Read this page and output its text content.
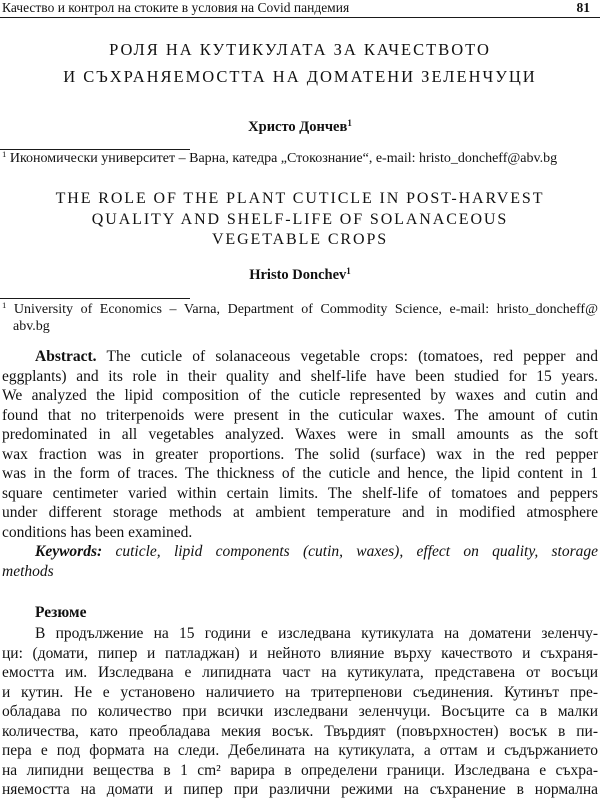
Качество и контрол на стоките в условия на Covid пандемия	81
РОЛЯ НА КУТИКУЛАТА ЗА КАЧЕСТВОТО
И СЪХРАНЯЕМОСТТА НА ДОМАТЕНИ ЗЕЛЕНЧУЦИ
Христо Дончев$^1$
$^1$ Икономически университет – Варна, катедра „Стокознание“, e-mail: hristo_doncheff@abv.bg
THE ROLE OF THE PLANT CUTICLE IN POST-HARVEST
QUALITY AND SHELF-LIFE OF SOLANACEOUS
VEGETABLE CROPS
Hristo Donchev$^1$
$^1$ University of Economics – Varna, Department of Commodity Science, e-mail: hristo_doncheff@
abv.bg
Abstract. The cuticle of solanaceous vegetable crops: (tomatoes, red pepper and
eggplants) and its role in their quality and shelf-life have been studied for 15 years.
We analyzed the lipid composition of the cuticle represented by waxes and cutin and
found that no triterpenoids were present in the cuticular waxes. The amount of cutin
predominated in all vegetables analyzed. Waxes were in small amounts as the soft
wax fraction was in greater proportions. The solid (surface) wax in the red pepper
was in the form of traces. The thickness of the cuticle and hence, the lipid content in 1
square centimeter varied within certain limits. The shelf-life of tomatoes and peppers
under different storage methods at ambient temperature and in modified atmosphere
conditions has been examined.
Keywords: cuticle, lipid components (cutin, waxes), effect on quality, storage
methods
Резюме
В продължение на 15 години е изследвана кутикулата на доматени зеленчу-
ци: (домати, пипер и патладжан) и нейното влияние върху качеството и съхраня-
емостта им. Изследвана е липидната част на кутикулата, представена от восъци
и кутин. Не е установено наличието на тритерпенови съединения. Кутинът пре-
обладава по количество при всички изследвани зеленчуци. Восъците са в малки
количества, като преобладава мекия восък. Твърдият (повърхностен) восък в пи-
пера е под формата на следи. Дебелината на кутикулата, а оттам и съдържанието
на липидни вещества в 1 cm² варира в определени граници. Изследвана е съхра-
няемостта на домати и пипер при различни режими на съхранение в нормална
